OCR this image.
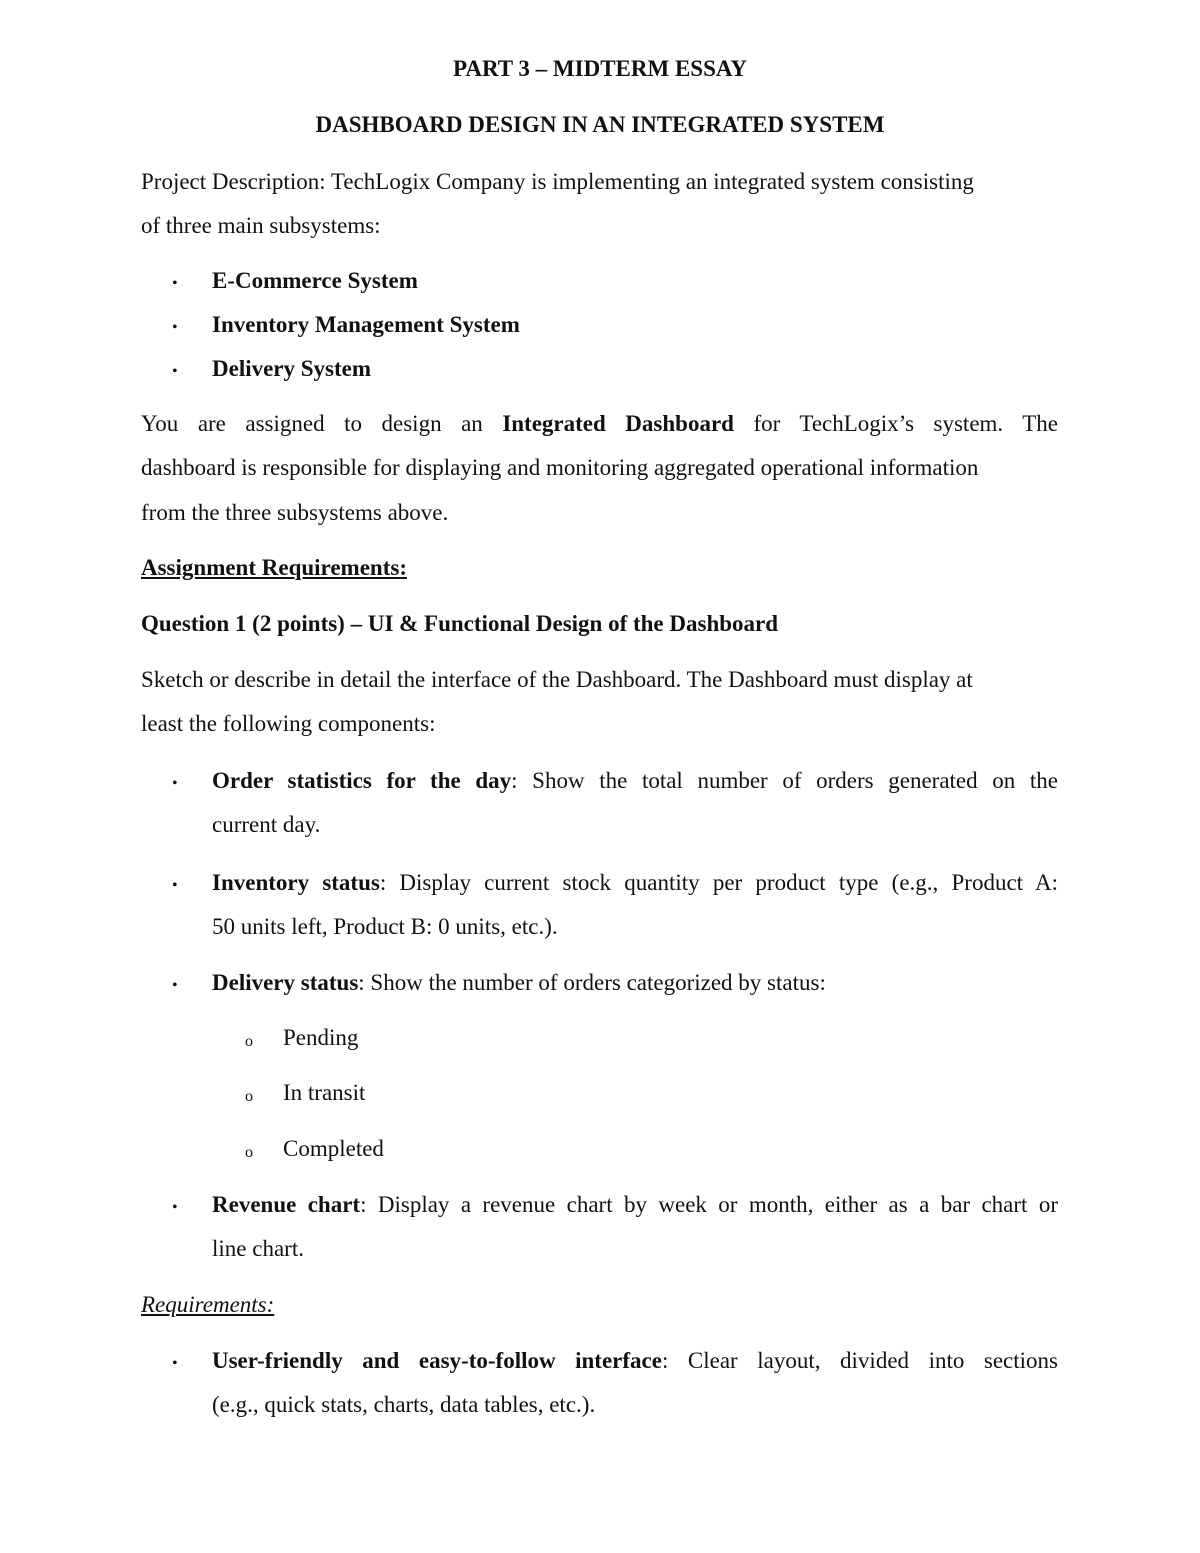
PART 3 – MIDTERM ESSAY
DASHBOARD DESIGN IN AN INTEGRATED SYSTEM
Project Description: TechLogix Company is implementing an integrated system consisting
of three main subsystems:
• E-Commerce System
• Inventory Management System
• Delivery System
You are assigned to design an Integrated Dashboard for TechLogix’s system. The
dashboard is responsible for displaying and monitoring aggregated operational information
from the three subsystems above.
Assignment Requirements:
Question 1 (2 points) – UI & Functional Design of the Dashboard
Sketch or describe in detail the interface of the Dashboard. The Dashboard must display at
least the following components:
• Order statistics for the day: Show the total number of orders generated on the
current day.
• Inventory status: Display current stock quantity per product type (e.g., Product A:
50 units left, Product B: 0 units, etc.).
• Delivery status: Show the number of orders categorized by status:
o Pending
o In transit
o Completed
• Revenue chart: Display a revenue chart by week or month, either as a bar chart or
line chart.
Requirements:
• User-friendly and easy-to-follow interface: Clear layout, divided into sections
(e.g., quick stats, charts, data tables, etc.).
